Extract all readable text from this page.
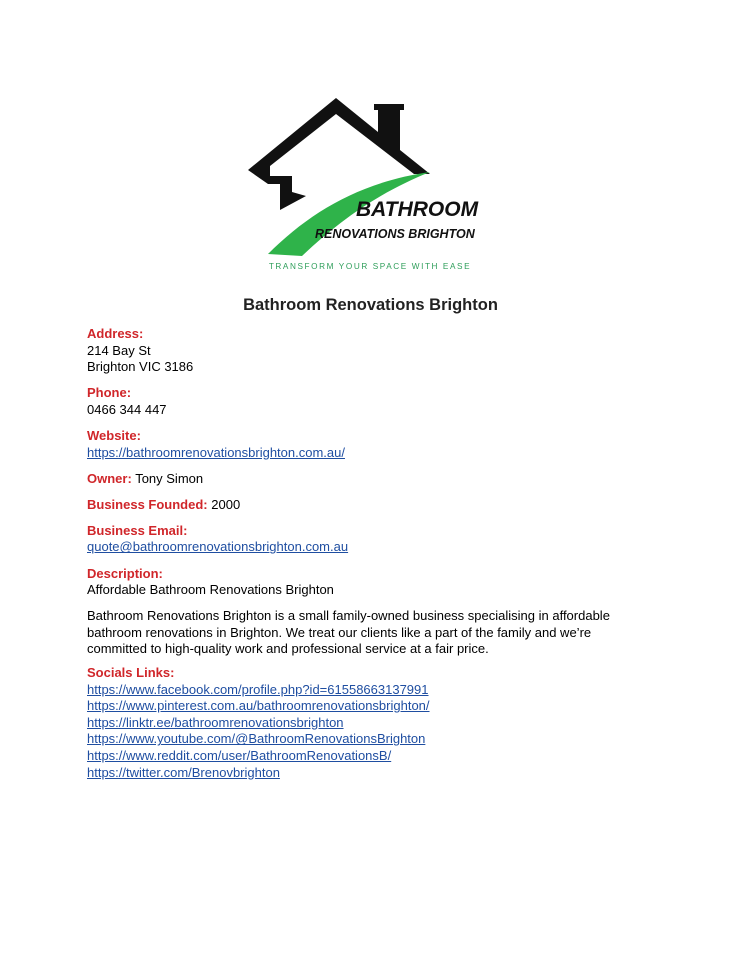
BATHROOM
RENOVATIONS BRIGHTON
TRANSFORM YOUR SPACE WITH EASE
Bathroom Renovations Brighton
Address:
214 Bay St
Brighton VIC 3186
Phone:
0466 344 447
Website:
https://bathroomrenovationsbrighton.com.au/
Owner: Tony Simon
Business Founded: 2000
Business Email:
quote@bathroomrenovationsbrighton.com.au
Description:
Affordable Bathroom Renovations Brighton
Bathroom Renovations Brighton is a small family-owned business specialising in affordable bathroom renovations in Brighton. We treat our clients like a part of the family and we’re committed to high-quality work and professional service at a fair price.
Socials Links:
https://www.facebook.com/profile.php?id=61558663137991
https://www.pinterest.com.au/bathroomrenovationsbrighton/
https://linktr.ee/bathroomrenovationsbrighton
https://www.youtube.com/@BathroomRenovationsBrighton
https://www.reddit.com/user/BathroomRenovationsB/
https://twitter.com/Brenovbrighton
